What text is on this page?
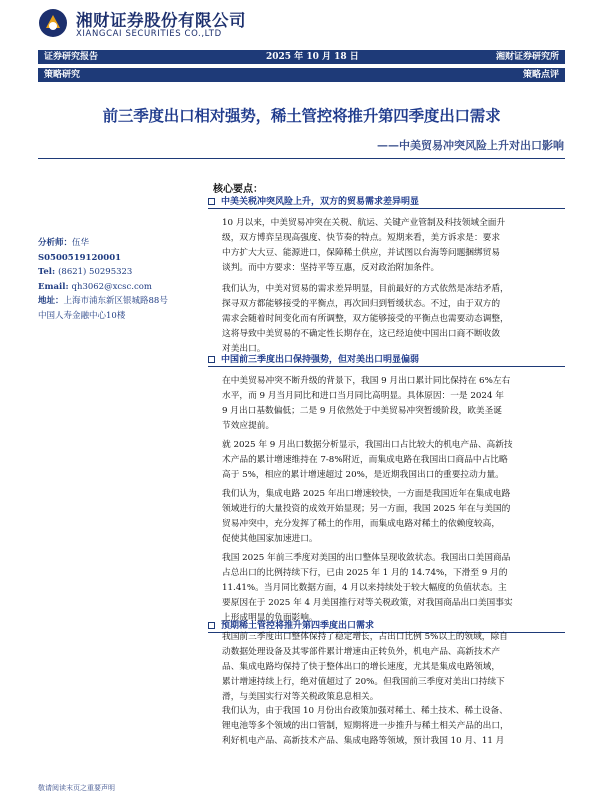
湘财证券股份有限公司
XIANGCAI SECURITIES CO.,LTD
证券研究报告	2025 年 10 月 18 日	湘财证券研究所
策略研究	策略点评
前三季度出口相对强势，稀土管控将推升第四季度出口需求
——中美贸易冲突风险上升对出口影响
核心要点：
分析师：伍华
S0500519120001
Tel: (8621) 50295323
Email: qh3062@xcsc.com
地址：上海市浦东新区银城路88号
中国人寿金融中心10楼
中美关税冲突风险上升，双方的贸易需求差异明显
10 月以来，中美贸易冲突在关税、航运、关键产业管制及科技领域全面升
级，双方博弈呈现高强度、快节奏的特点。短期来看，美方诉求是：要求
中方扩大大豆、能源进口，保障稀土供应，并试图以台海等问题捆绑贸易
谈判。而中方要求：坚持平等互惠，反对政治附加条件。
我们认为，中美对贸易的需求差异明显，目前最好的方式依然是冻结矛盾，
探寻双方都能够接受的平衡点，再次回归到暂缓状态。不过，由于双方的
需求会随着时间变化而有所调整，双方能够接受的平衡点也需要动态调整，
这将导致中美贸易的不确定性长期存在，这已经迫使中国出口商不断收敛
对美出口。
中国前三季度出口保持强势，但对美出口明显偏弱
在中美贸易冲突不断升级的背景下，我国 9 月出口累计同比保持在 6%左右
水平，而 9 月当月同比和进口当月同比高明显。具体原因：一是 2024 年
9 月出口基数偏低；二是 9 月依然处于中美贸易冲突暂缓阶段，欧美圣诞
节效应提前。
就 2025 年 9 月出口数据分析显示，我国出口占比较大的机电产品、高新技
术产品的累计增速维持在 7-8%附近，而集成电路在我国出口商品中占比略
高于 5%，相应的累计增速超过 20%，是近期我国出口的重要拉动力量。
我们认为，集成电路 2025 年出口增速较快，一方面是我国近年在集成电路
领域进行的大量投资的成效开始显现；另一方面，我国 2025 年在与美国的
贸易冲突中，充分发挥了稀土的作用，而集成电路对稀土的依赖度较高，
促使其他国家加速进口。
我国 2025 年前三季度对美国的出口整体呈现收敛状态。我国出口美国商品
占总出口的比例持续下行，已由 2025 年 1 月的 14.74%，下滑至 9 月的
11.41%。当月同比数据方面，4 月以来持续处于较大幅度的负值状态。主
要原因在于 2025 年 4 月美国推行对等关税政策，对我国商品出口美国事实
上形成明显的负面影响。
预期稀土管控将推升第四季度出口需求
我国前三季度出口整体保持了稳定增长，占出口比例 5%以上的领域，除自
动数据处理设备及其零部件累计增速由正转负外，机电产品、高新技术产
品、集成电路均保持了快于整体出口的增长速度，尤其是集成电路领域，
累计增速持续上行，绝对值超过了 20%。但我国前三季度对美出口持续下
滑，与美国实行对等关税政策息息相关。
我们认为，由于我国 10 月份出台政策加强对稀土、稀土技术、稀土设备、
锂电池等多个领域的出口管制，短期将进一步推升与稀土相关产品的出口，
利好机电产品、高新技术产品、集成电路等领域，预计我国 10 月、11 月
敬请阅读末页之重要声明
